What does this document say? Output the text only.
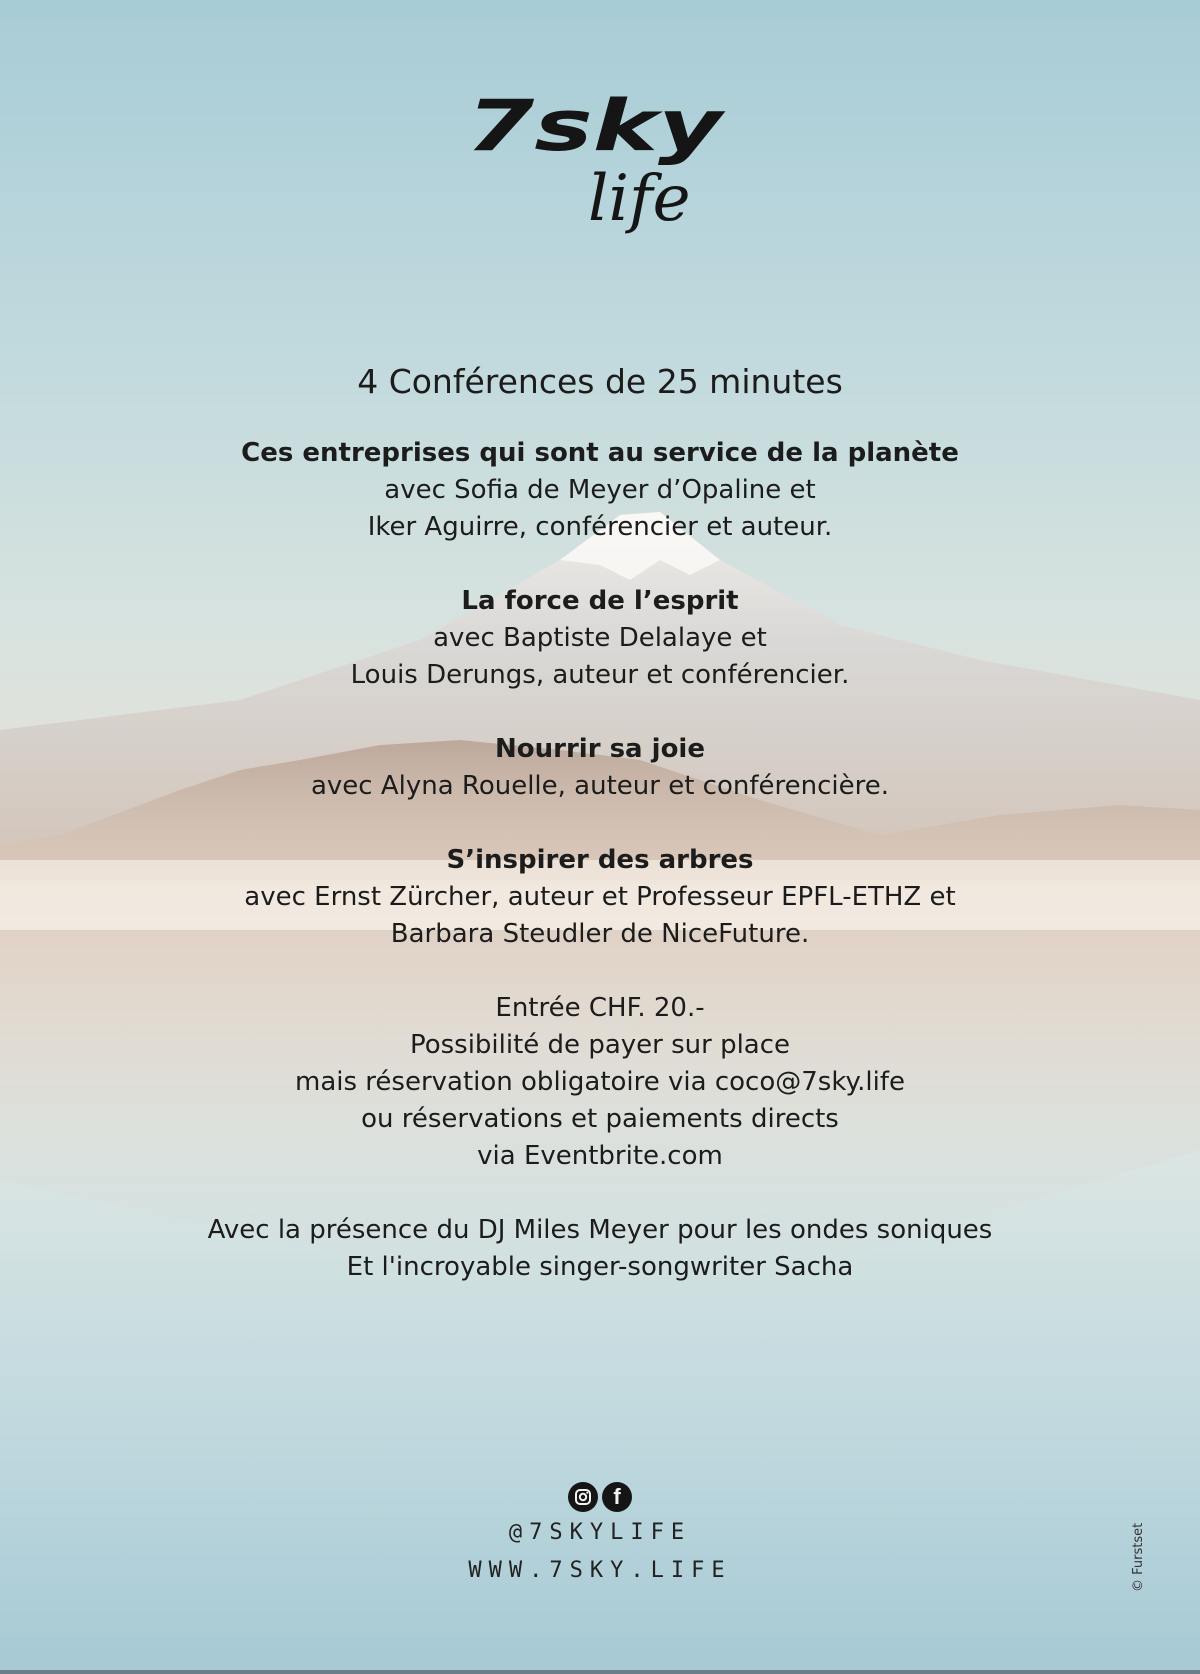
7sky
life
4 Conférences de 25 minutes
Ces entreprises qui sont au service de la planète
avec Sofia de Meyer d’Opaline et
Iker Aguirre, conférencier et auteur.
La force de l’esprit
avec Baptiste Delalaye et
Louis Derungs, auteur et conférencier.
Nourrir sa joie
avec Alyna Rouelle, auteur et conférencière.
S’inspirer des arbres
avec Ernst Zürcher, auteur et Professeur EPFL-ETHZ et
Barbara Steudler de NiceFuture.
Entrée CHF. 20.-
Possibilité de payer sur place
mais réservation obligatoire via coco@7sky.life
ou réservations et paiements directs
via Eventbrite.com
Avec la présence du DJ Miles Meyer pour les ondes soniques
Et l'incroyable singer-songwriter Sacha
f
@7SKYLIFE
WWW.7SKY.LIFE	© Furstset
